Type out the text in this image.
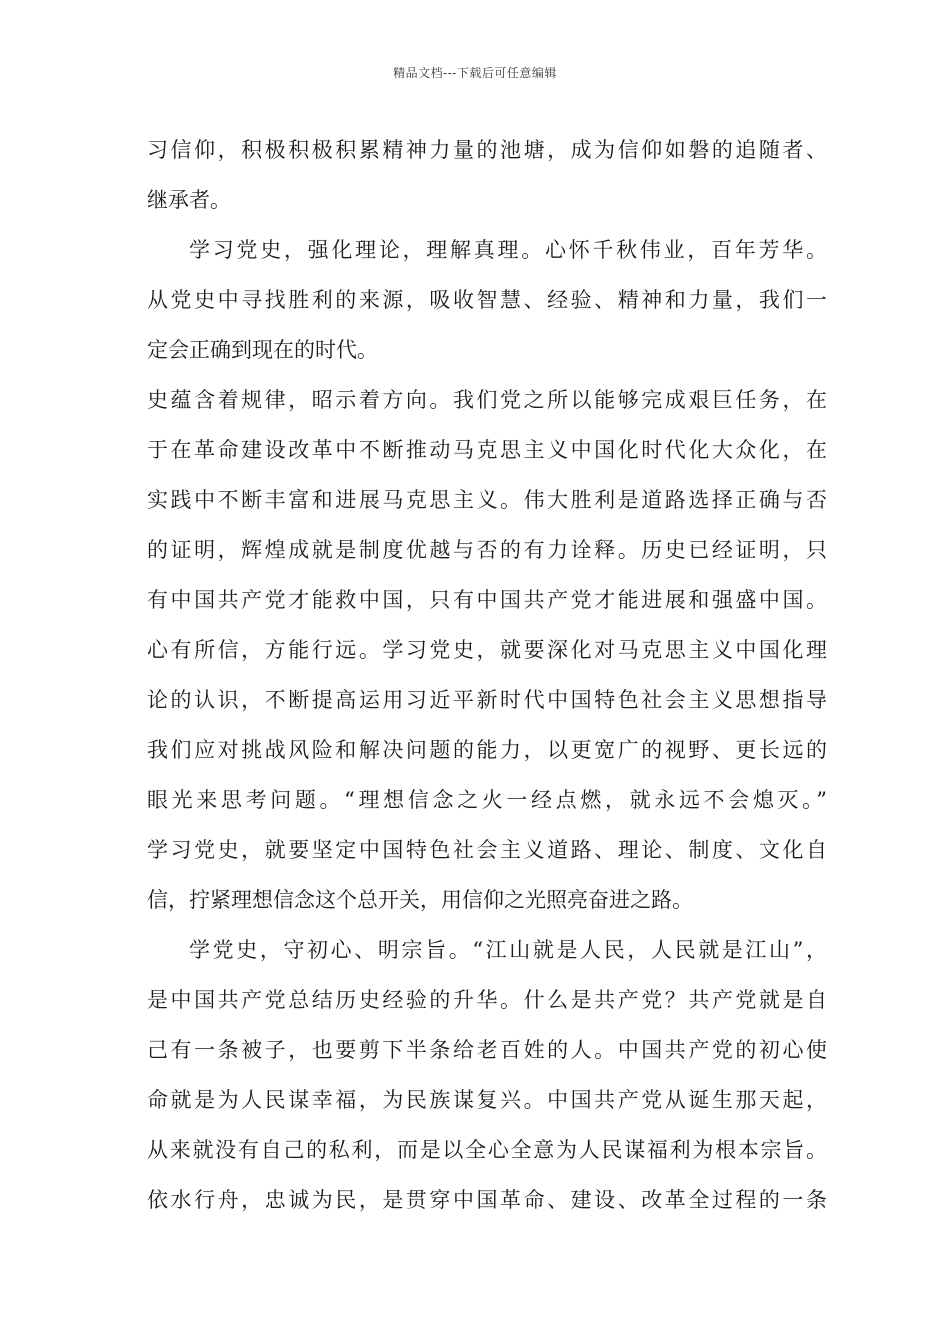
精品文档---下载后可任意编辑
习信仰，积极积极积累精神力量的池塘，成为信仰如磐的追随者、
继承者。
学习党史，强化理论，理解真理。心怀千秋伟业，百年芳华。
从党史中寻找胜利的来源，吸收智慧、经验、精神和力量，我们一
定会正确到现在的时代。
史蕴含着规律，昭示着方向。我们党之所以能够完成艰巨任务，在
于在革命建设改革中不断推动马克思主义中国化时代化大众化，在
实践中不断丰富和进展马克思主义。伟大胜利是道路选择正确与否
的证明，辉煌成就是制度优越与否的有力诠释。历史已经证明，只
有中国共产党才能救中国，只有中国共产党才能进展和强盛中国。
心有所信，方能行远。学习党史，就要深化对马克思主义中国化理
论的认识，不断提高运用习近平新时代中国特色社会主义思想指导
我们应对挑战风险和解决问题的能力，以更宽广的视野、更长远的
眼光来思考问题。“理想信念之火一经点燃，就永远不会熄灭。”
学习党史，就要坚定中国特色社会主义道路、理论、制度、文化自
信，拧紧理想信念这个总开关，用信仰之光照亮奋进之路。
学党史，守初心、明宗旨。“江山就是人民，人民就是江山”，
是中国共产党总结历史经验的升华。什么是共产党？共产党就是自
己有一条被子，也要剪下半条给老百姓的人。中国共产党的初心使
命就是为人民谋幸福，为民族谋复兴。中国共产党从诞生那天起，
从来就没有自己的私利，而是以全心全意为人民谋福利为根本宗旨。
依水行舟，忠诚为民，是贯穿中国革命、建设、改革全过程的一条
